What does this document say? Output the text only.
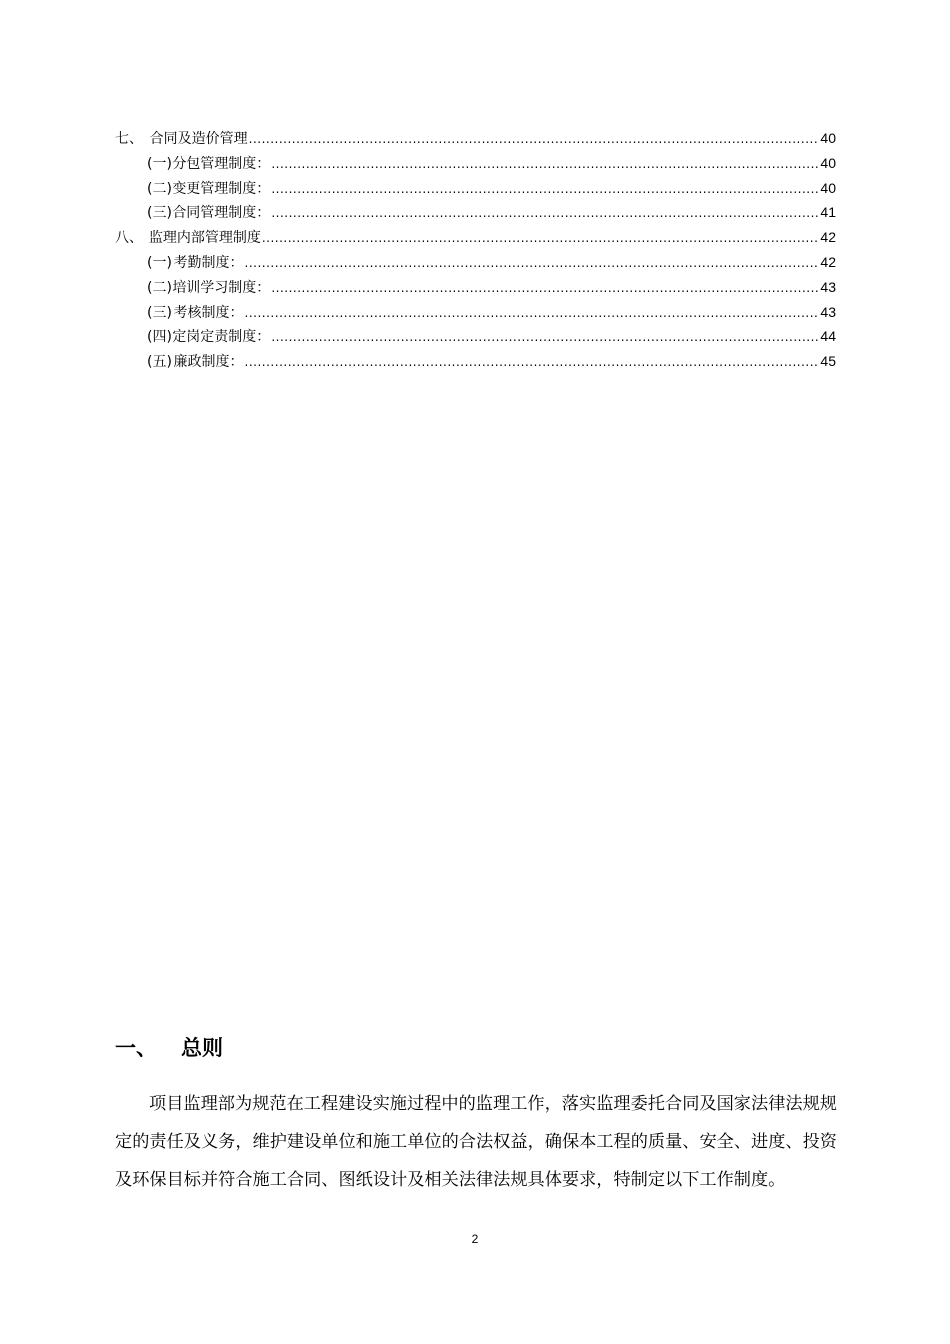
七、 合同及造价管理 .....	40
(一) 分包管理制度： .....	40
(二) 变更管理制度： .....	40
(三) 合同管理制度： .....	41
八、 监理内部管理制度 .....	42
(一) 考勤制度： .....	42
(二) 培训学习制度： .....	43
(三) 考核制度： .....	43
(四) 定岗定责制度： .....	44
(五) 廉政制度： .....	45
一、	总则

项目监理部为规范在工程建设实施过程中的监理工作，落实监理委托合同及国家法律法规规定的责任及义务，维护建设单位和施工单位的合法权益，确保本工程的质量、安全、进度、投资及环保目标并符合施工合同、图纸设计及相关法律法规具体要求，特制定以下工作制度。

2
